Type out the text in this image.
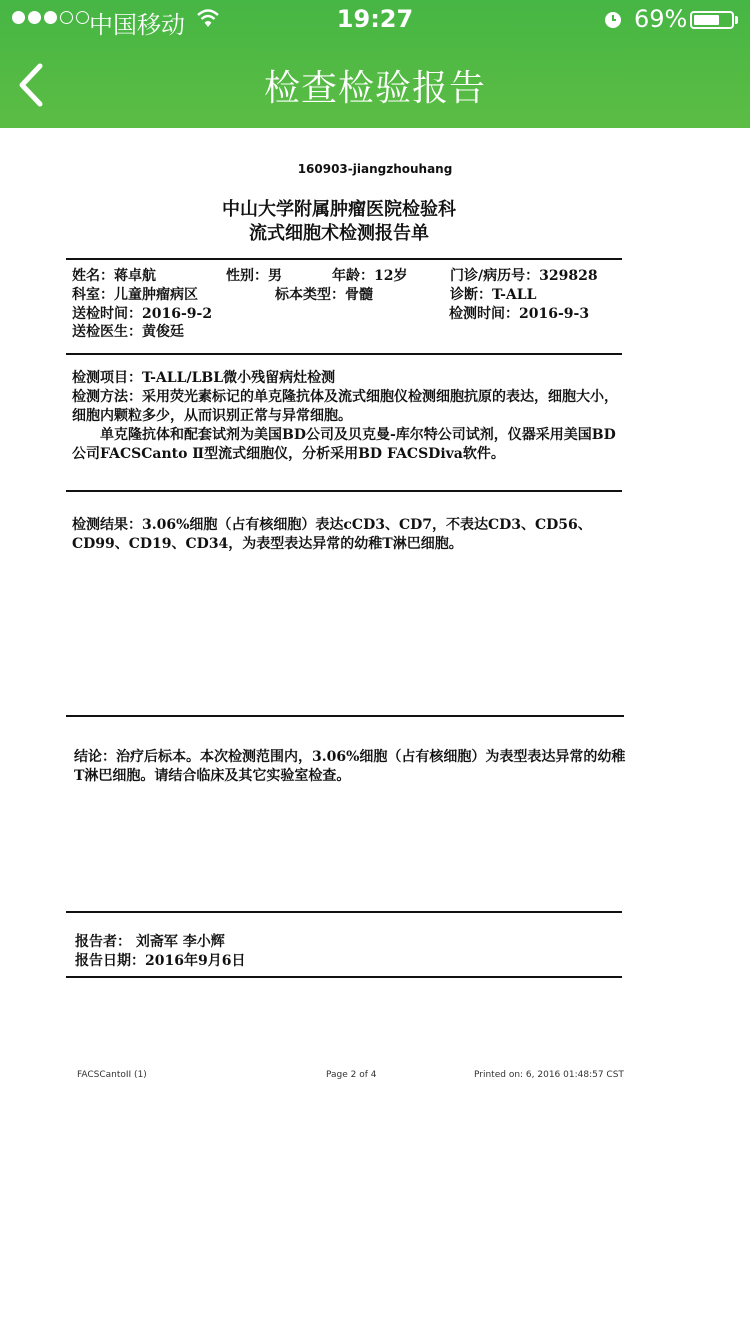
中国移动	19:27	69%
检查检验报告
160903-jiangzhouhang
中山大学附属肿瘤医院检验科
流式细胞术检测报告单
姓名：蒋卓航	性别：男	年龄：12岁	门诊/病历号：329828
科室：儿童肿瘤病区	标本类型：骨髓	诊断：T-ALL
送检时间：2016-9-2	检测时间：2016-9-3
送检医生：黄俊廷
检测项目：T-ALL/LBL微小残留病灶检测
检测方法：采用荧光素标记的单克隆抗体及流式细胞仪检测细胞抗原的表达，细胞大小，细胞内颗粒多少，从而识别正常与异常细胞。
单克隆抗体和配套试剂为美国BD公司及贝克曼-库尔特公司试剂，仪器采用美国BD公司FACSCanto Ⅱ型流式细胞仪，分析采用BD FACSDiva软件。
检测结果：3.06%细胞（占有核细胞）表达cCD3、CD7，不表达CD3、CD56、CD99、CD19、CD34，为表型表达异常的幼稚T淋巴细胞。
结论：治疗后标本。本次检测范围内，3.06%细胞（占有核细胞）为表型表达异常的幼稚T淋巴细胞。请结合临床及其它实验室检查。
报告者： 刘斋军 李小辉
报告日期：2016年9月6日
FACSCantoII (1)	Page 2 of 4	Printed on: 6, 2016 01:48:57 CST
